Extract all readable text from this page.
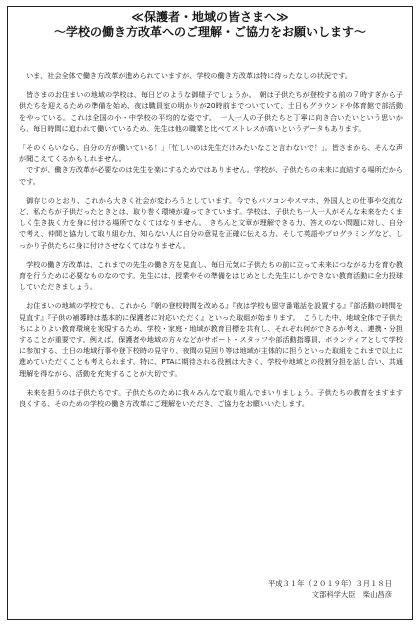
≪保護者・地域の皆さまへ≫
～学校の働き方改革へのご理解・ご協力をお願いします～

いま、社会全体で働き方改革が進められていますが、学校の働き方改革は特に待ったなしの状況です。

皆さまのお住まいの地域の学校は、毎日どのような御様子でしょうか。　朝は子供たちが登校する前の７時すぎから子供たちを迎えるための準備を始め、夜は職員室の明かりが20時前までついていて、土日もグラウンドや体育館で部活動をやっている。これは全国の小・中学校の平均的な姿です。　一人一人の子供たちと丁寧に向き合いたいという思いから、毎日時間に追われて働いているため、先生は他の職業と比べてストレスが高いというデータもあります。

「そのくらいなら、自分の方が働いている！」「忙しいのは先生だけみたいなこと言わないで！」。皆さまから、そんな声が聞こえてくるかもしれません。

ですが、働き方改革が必要なのは先生を楽にするためではありません。学校が、子供たちの未来に直結する場所だからです。

御存じのとおり、これから大きく社会が変わろうとしています。今でもパソコンやスマホ、外国人との仕事や交流など、私たちが子供だったときとは、取り巻く環境が違ってきています。学校は、子供たち一人一人がそんな未来をたくましく生き抜く力を身に付ける場所でなくてはなりません。　きちんと文章が理解できる力、答えのない問題に対し、自分で考え、仲間と協力して取り組む力、知らない人に自分の意見を正確に伝える力、そして英語やプログラミングなど、しっかり子供たちに身に付けさせなくてはなりません。

学校の働き方改革は、これまでの先生の働き方を見直し、毎日元気に子供たちの前に立って未来につながる力を育む教育を行うために必要なものなのです。先生には、授業やその準備をはじめとした先生にしかできない教育活動に全力投球していただきましょう。

お住まいの地域の学校でも、これから『朝の登校時間を改める』『夜は学校も留守番電話を設置する』『部活動の時間を見直す』『子供の補導時は基本的に保護者に対応いただく』といった取組が始まります。　こうした中、地域全体で子供たちによりよい教育環境を実現するため、学校・家庭・地域が教育目標を共有し、それぞれ何ができるか考え、連携・分担することが重要です。例えば、保護者や地域の方々などがサポート・スタッフや部活動指導員、ボランティアとして学校に参加する、土日の地域行事や登下校時の見守り、夜間の見回り等は地域が主体的に担うといった取組をこれまで以上に進めていただくことも考えられます。特に、PTAに期待される役割は大きく、学校や地域との役割分担を話し合い、共通理解を得ながら、活動を充実することが大切です。

未来を担うのは子供たちです。子供たちのために我々みんなで取り組んでまいりましょう。子供たちの教育をますます良くする、そのための学校の働き方改革にご理解をいただき、ご協力をお願いいたします。

平成３１年（２０１９年）３月１８日
文部科学大臣　柴山昌彦
